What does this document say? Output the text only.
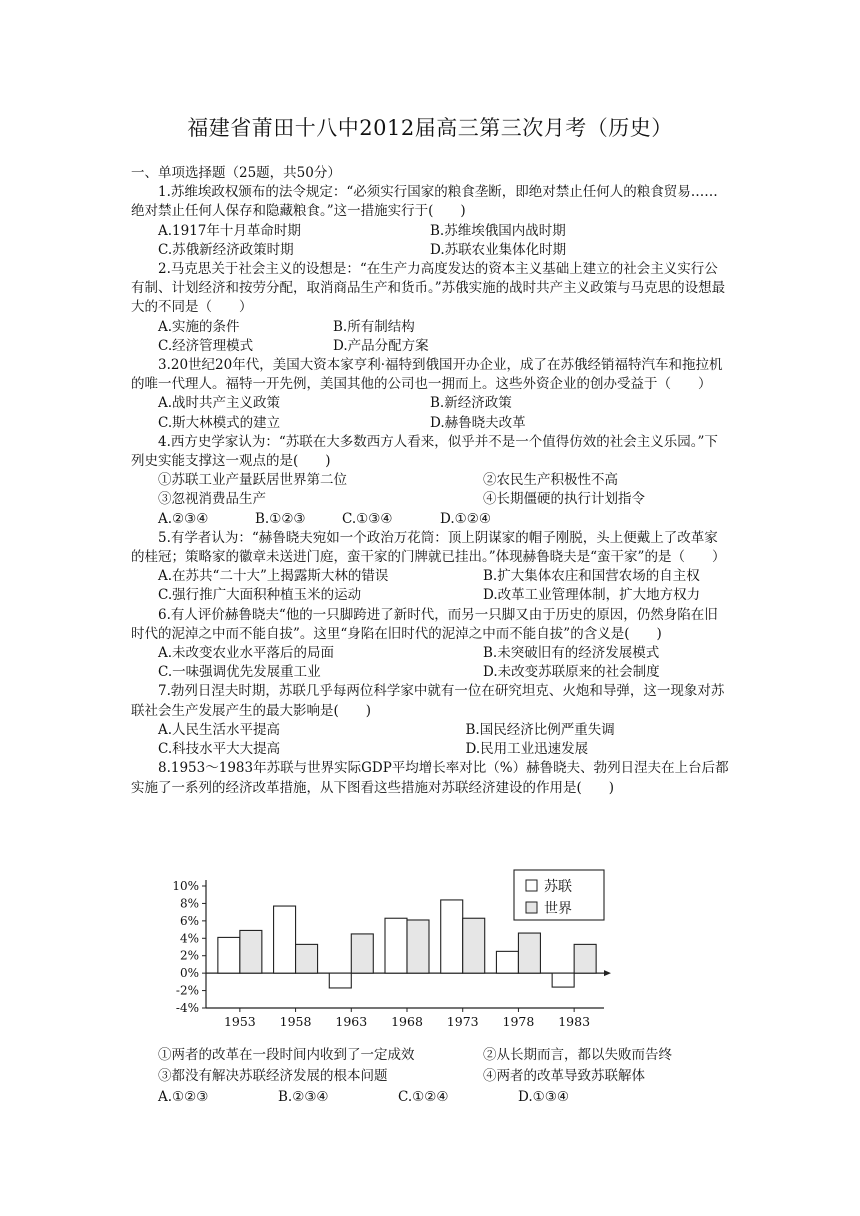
福建省莆田十八中2012届高三第三次月考（历史）

一、单项选择题（25题，共50分）

1.苏维埃政权颁布的法令规定：“必须实行国家的粮食垄断，即绝对禁止任何人的粮食贸易……绝对禁止任何人保存和隐藏粮食。”这一措施实行于(　　)

A.1917年十月革命时期	B.苏维埃俄国内战时期
C.苏俄新经济政策时期	D.苏联农业集体化时期

2.马克思关于社会主义的设想是：“在生产力高度发达的资本主义基础上建立的社会主义实行公有制、计划经济和按劳分配，取消商品生产和货币。”苏俄实施的战时共产主义政策与马克思的设想最大的不同是（　　）

A.实施的条件	B.所有制结构
C.经济管理模式	D.产品分配方案

3.20世纪20年代，美国大资本家亨利·福特到俄国开办企业，成了在苏俄经销福特汽车和拖拉机的唯一代理人。福特一开先例，美国其他的公司也一拥而上。这些外资企业的创办受益于（　　）

A.战时共产主义政策	B.新经济政策
C.斯大林模式的建立	D.赫鲁晓夫改革

4.西方史学家认为：“苏联在大多数西方人看来，似乎并不是一个值得仿效的社会主义乐园。”下列史实能支撑这一观点的是(　　)

①苏联工业产量跃居世界第二位	②农民生产积极性不高
③忽视消费品生产	④长期僵硬的执行计划指令
A.②③④	B.①②③	C.①③④	D.①②④

5.有学者认为：“赫鲁晓夫宛如一个政治万花筒：顶上阴谋家的帽子刚脱，头上便戴上了改革家的桂冠；策略家的徽章未送进门庭，蛮干家的门牌就已挂出。”体现赫鲁晓夫是“蛮干家”的是（　　）

A.在苏共“二十大”上揭露斯大林的错误	B.扩大集体农庄和国营农场的自主权
C.强行推广大面积种植玉米的运动	D.改革工业管理体制，扩大地方权力

6.有人评价赫鲁晓夫“他的一只脚跨进了新时代，而另一只脚又由于历史的原因，仍然身陷在旧时代的泥淖之中而不能自拔”。这里“身陷在旧时代的泥淖之中而不能自拔”的含义是(　　)

A.未改变农业水平落后的局面	B.未突破旧有的经济发展模式
C.一味强调优先发展重工业	D.未改变苏联原来的社会制度

7.勃列日涅夫时期，苏联几乎每两位科学家中就有一位在研究坦克、火炮和导弹，这一现象对苏联社会生产发展产生的最大影响是(　　)

A.人民生活水平提高	B.国民经济比例严重失调
C.科技水平大大提高	D.民用工业迅速发展

8.1953～1983年苏联与世界实际GDP平均增长率对比（%）赫鲁晓夫、勃列日涅夫在上台后都实施了一系列的经济改革措施，从下图看这些措施对苏联经济建设的作用是(　　)

10%
8%
6%
4%
2%
0%
-2%
-4%
1953 1958 1963 1968 1973 1978 1983
苏联
世界
①两者的改革在一段时间内收到了一定成效	②从长期而言，都以失败而告终
③都没有解决苏联经济发展的根本问题	④两者的改革导致苏联解体
A.①②③	B.②③④	C.①②④	D.①③④
